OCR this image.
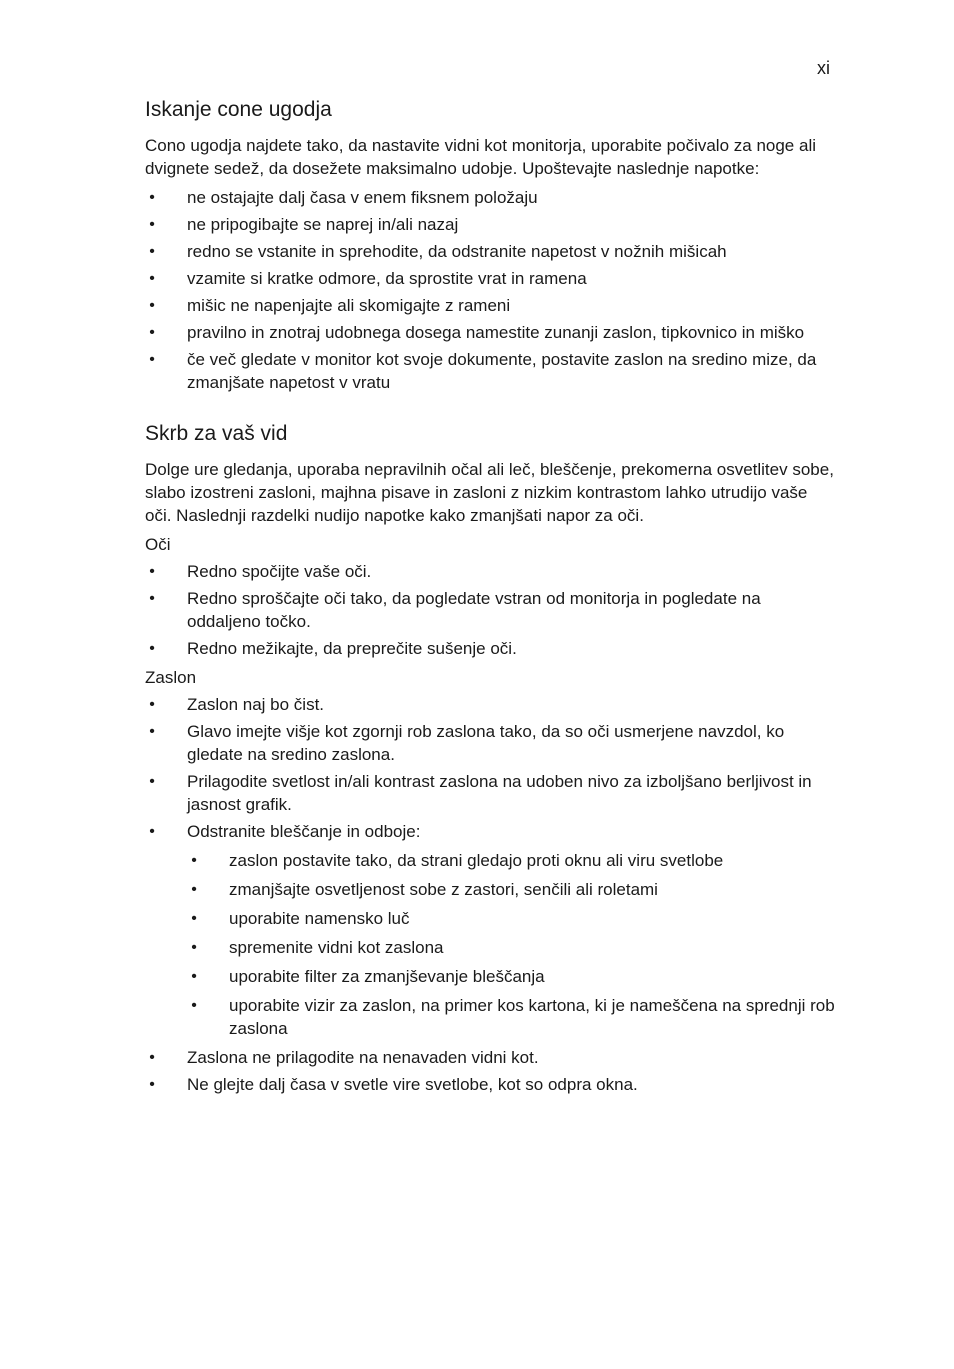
xi
Iskanje cone ugodja

Cono ugodja najdete tako, da nastavite vidni kot monitorja, uporabite počivalo za noge ali dvignete sedež, da dosežete maksimalno udobje. Upoštevajte naslednje napotke:

• ne ostajajte dalj časa v enem fiksnem položaju
• ne pripogibajte se naprej in/ali nazaj
• redno se vstanite in sprehodite, da odstranite napetost v nožnih mišicah
• vzamite si kratke odmore, da sprostite vrat in ramena
• mišic ne napenjajte ali skomigajte z rameni
• pravilno in znotraj udobnega dosega namestite zunanji zaslon, tipkovnico in miško
• če več gledate v monitor kot svoje dokumente, postavite zaslon na sredino mize, da zmanjšate napetost v vratu
Skrb za vaš vid

Dolge ure gledanja, uporaba nepravilnih očal ali leč, bleščenje, prekomerna osvetlitev sobe, slabo izostreni zasloni, majhna pisave in zasloni z nizkim kontrastom lahko utrudijo vaše oči. Naslednji razdelki nudijo napotke kako zmanjšati napor za oči.

Oči

• Redno spočijte vaše oči.
• Redno sproščajte oči tako, da pogledate vstran od monitorja in pogledate na oddaljeno točko.
• Redno mežikajte, da preprečite sušenje oči.

Zaslon

• Zaslon naj bo čist.
• Glavo imejte višje kot zgornji rob zaslona tako, da so oči usmerjene navzdol, ko gledate na sredino zaslona.
• Prilagodite svetlost in/ali kontrast zaslona na udoben nivo za izboljšano berljivost in jasnost grafik.
• Odstranite bleščanje in odboje:
• zaslon postavite tako, da strani gledajo proti oknu ali viru svetlobe
• zmanjšajte osvetljenost sobe z zastori, senčili ali roletami
• uporabite namensko luč
• spremenite vidni kot zaslona
• uporabite filter za zmanjševanje bleščanja
• uporabite vizir za zaslon, na primer kos kartona, ki je nameščena na sprednji rob zaslona
• Zaslona ne prilagodite na nenavaden vidni kot.
• Ne glejte dalj časa v svetle vire svetlobe, kot so odpra okna.
